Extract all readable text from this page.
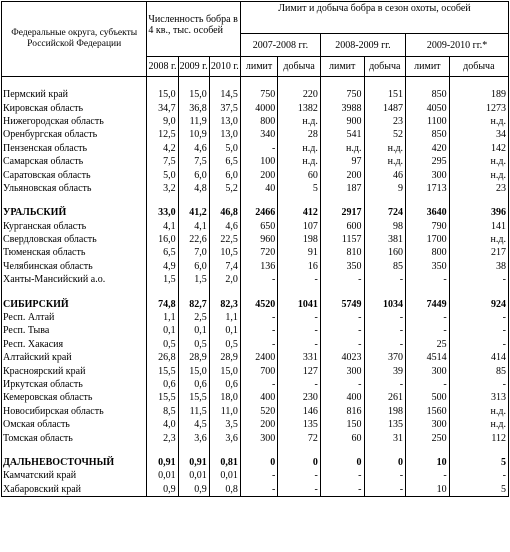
Федеральные округа, субъекты Российской Федерации	Численность бобра в 4 кв., тыс. особей			Лимит и добыча бобра в сезон охоты, особей					
				2007-2008 гг.		2008-2009 гг.		2009-2010 гг.*	
	2008 г.	2009 г.	2010 г.	лимит	добыча	лимит	добыча	лимит	добыча

Пермский край	15,0	15,0	14,5	750	220	750	151	850	189
Кировская область	34,7	36,8	37,5	4000	1382	3988	1487	4050	1273
Нижегородская область	9,0	11,9	13,0	800	н.д.	900	23	1100	н.д.
Оренбургская область	12,5	10,9	13,0	340	28	541	52	850	34
Пензенская область	4,2	4,6	5,0	-	н.д.	н.д.	н.д.	420	142
Самарская область	7,5	7,5	6,5	100	н.д.	97	н.д.	295	н.д.
Саратовская область	5,0	6,0	6,0	200	60	200	46	300	н.д.
Ульяновская область	3,2	4,8	5,2	40	5	187	9	1713	23

УРАЛЬСКИЙ	33,0	41,2	46,8	2466	412	2917	724	3640	396
Курганская область	4,1	4,1	4,6	650	107	600	98	790	141
Свердловская область	16,0	22,6	22,5	960	198	1157	381	1700	н.д.
Тюменская область	6,5	7,0	10,5	720	91	810	160	800	217
Челябинская область	4,9	6,0	7,4	136	16	350	85	350	38
Ханты-Мансийский а.о.	1,5	1,5	2,0	-	-	-	-	-	-

СИБИРСКИЙ	74,8	82,7	82,3	4520	1041	5749	1034	7449	924
Респ. Алтай	1,1	2,5	1,1	-	-	-	-	-	-
Респ. Тыва	0,1	0,1	0,1	-	-	-	-	-	-
Респ. Хакасия	0,5	0,5	0,5	-	-	-	-	25	-
Алтайский край	26,8	28,9	28,9	2400	331	4023	370	4514	414
Красноярский край	15,5	15,0	15,0	700	127	300	39	300	85
Иркутская область	0,6	0,6	0,6	-	-	-	-	-	-
Кемеровская область	15,5	15,5	18,0	400	230	400	261	500	313
Новосибирская область	8,5	11,5	11,0	520	146	816	198	1560	н.д.
Омская область	4,0	4,5	3,5	200	135	150	135	300	н.д.
Томская область	2,3	3,6	3,6	300	72	60	31	250	112

ДАЛЬНЕВОСТОЧНЫЙ	0,91	0,91	0,81	0	0	0	0	10	5
Камчатский край	0,01	0,01	0,01	-	-	-	-	-	-
Хабаровский край	0,9	0,9	0,8	-	-	-	-	10	5
